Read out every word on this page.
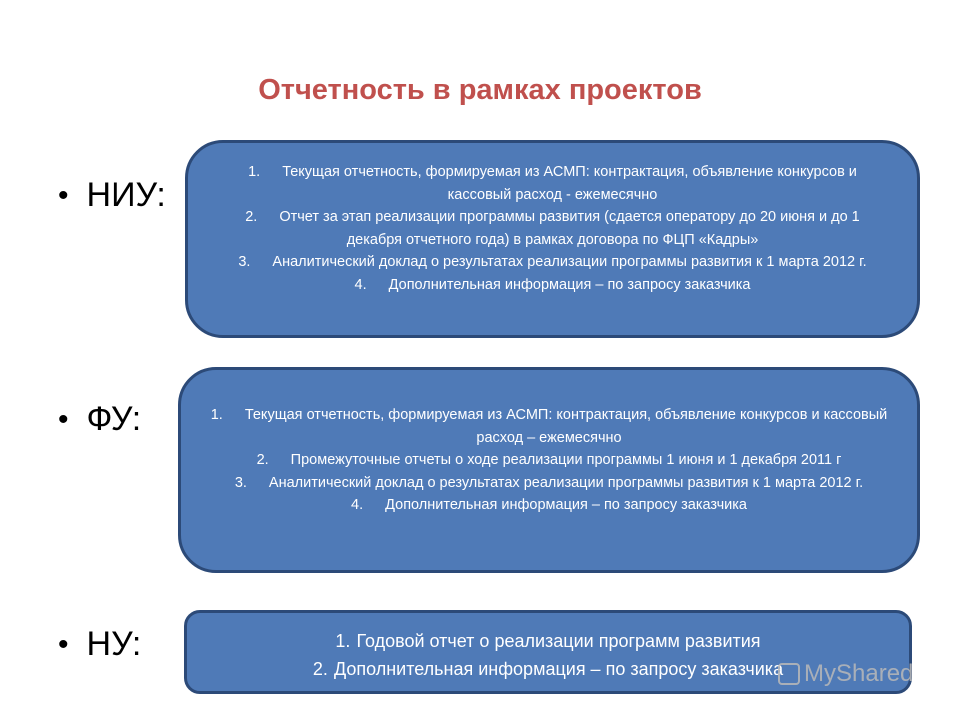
Отчетность в рамках проектов
• НИУ:
• ФУ:
• НУ:
1. Текущая отчетность, формируемая из АСМП: контрактация, объявление конкурсов и кассовый расход - ежемесячно
2. Отчет за этап реализации программы развития (сдается оператору до 20 июня и до 1 декабря отчетного года) в рамках договора по ФЦП «Кадры»
3. Аналитический доклад о результатах реализации программы развития к 1 марта 2012 г.
4. Дополнительная информация – по запросу заказчика
1. Текущая отчетность, формируемая из АСМП: контрактация, объявление конкурсов и кассовый расход – ежемесячно
2. Промежуточные отчеты о ходе реализации программы 1 июня и 1 декабря 2011 г
3. Аналитический доклад о результатах реализации программы развития к 1 марта 2012 г.
4. Дополнительная информация – по запросу заказчика
1. Годовой отчет о реализации программ развития
2. Дополнительная информация – по запросу заказчика MyShared
